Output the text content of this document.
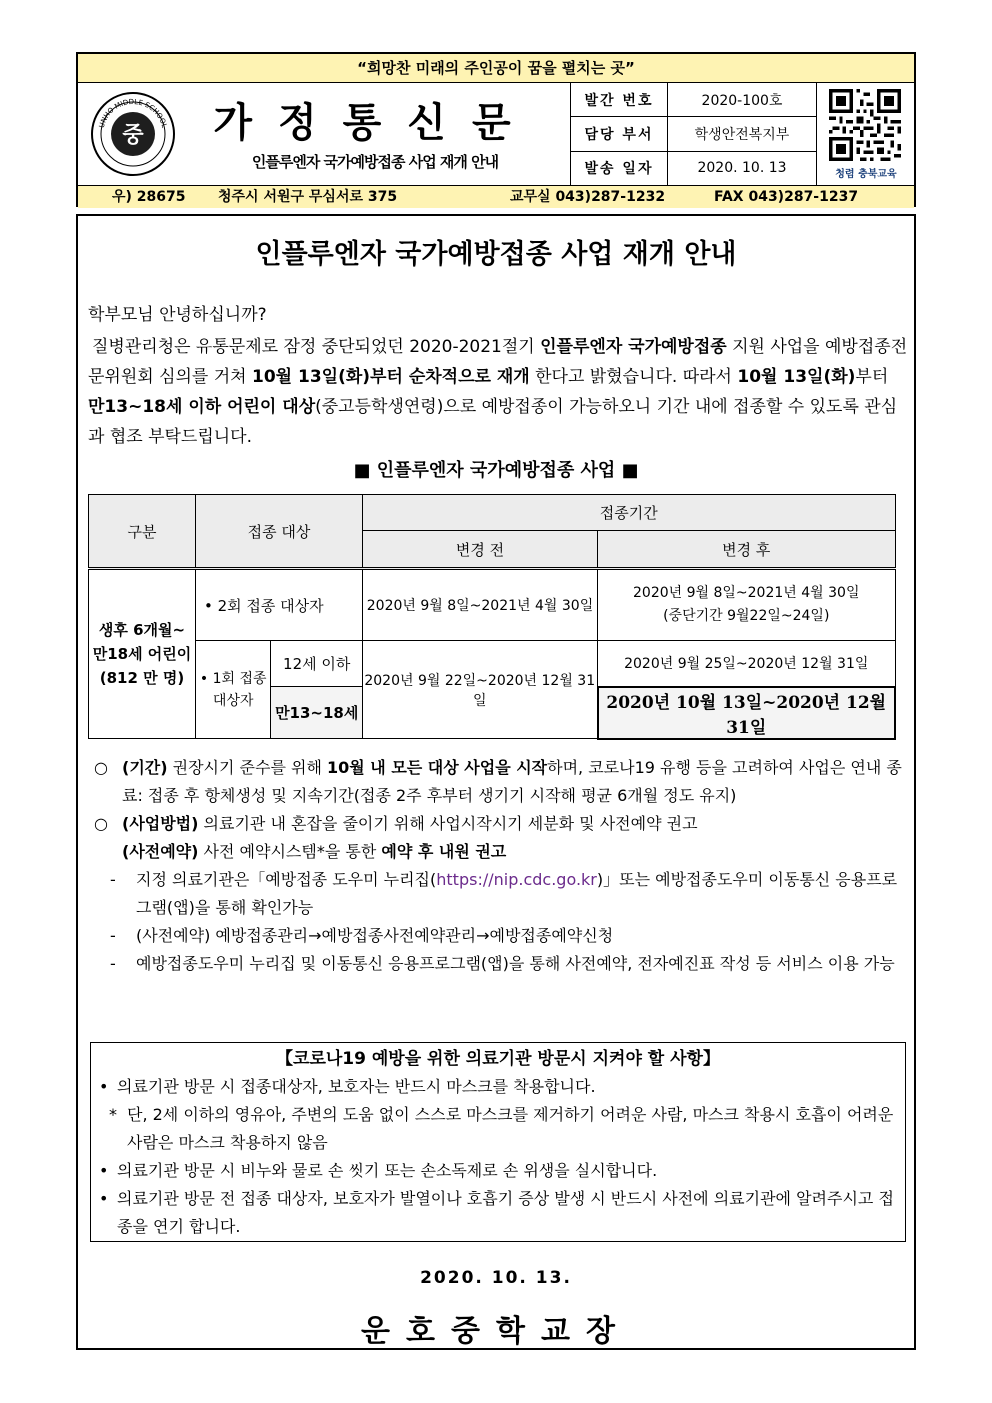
“희망찬 미래의 주인공이 꿈을 펼치는 곳”
중
UNHO MIDDLE SCHOOL	가정통신문
인플루엔자 국가예방접종 사업 재개 안내
발간 번호	2020-100호
담당 부서	학생안전복지부
발송 일자	2020. 10. 13	청렴 충북교육
우) 28675 청주시 서원구 무심서로 375	교무실 043)287-1232	FAX 043)287-1237
인플루엔자 국가예방접종 사업 재개 안내
학부모님 안녕하십니까?
질병관리청은 유통문제로 잠정 중단되었던 2020-2021절기 인플루엔자 국가예방접종 지원 사업을 예방접종전문위원회 심의를 거쳐 10월 13일(화)부터 순차적으로 재개 한다고 밝혔습니다. 따라서 10월 13일(화)부터 만13~18세 이하 어린이 대상(중고등학생연령)으로 예방접종이 가능하오니 기간 내에 접종할 수 있도록 관심과 협조 부탁드립니다.
■ 인플루엔자 국가예방접종 사업 ■
구분	접종 대상		접종기간	
			변경 전	변경 후
생후 6개월~
만18세 어린이
(812 만 명)	• 2회 접종 대상자		2020년 9월 8일~2021년 4월 30일	2020년 9월 8일~2021년 4월 30일
(중단기간 9월22일~24일)
	• 1회 접종
대상자	12세 이하	2020년 9월 22일~2020년 12월 31일	2020년 9월 25일~2020년 12월 31일
		만13~18세		2020년 10월 13일~2020년 12월 31일
○ (기간) 권장시기 준수를 위해 10월 내 모든 대상 사업을 시작하며, 코로나19 유행 등을 고려하여 사업은 연내 종료: 접종 후 항체생성 및 지속기간(접종 2주 후부터 생기기 시작해 평균 6개월 정도 유지)
○ (사업방법) 의료기관 내 혼잡을 줄이기 위해 사업시작시기 세분화 및 사전예약 권고
(사전예약) 사전 예약시스템*을 통한 예약 후 내원 권고
- 지정 의료기관은「예방접종 도우미 누리집(https://nip.cdc.go.kr)」또는 예방접종도우미 이동통신 응용프로그램(앱)을 통해 확인가능
- (사전예약) 예방접종관리→예방접종사전예약관리→예방접종예약신청
- 예방접종도우미 누리집 및 이동통신 응용프로그램(앱)을 통해 사전예약, 전자예진표 작성 등 서비스 이용 가능
【코로나19 예방을 위한 의료기관 방문시 지켜야 할 사항】
• 의료기관 방문 시 접종대상자, 보호자는 반드시 마스크를 착용합니다.
* 단, 2세 이하의 영유아, 주변의 도움 없이 스스로 마스크를 제거하기 어려운 사람, 마스크 착용시 호흡이 어려운 사람은 마스크 착용하지 않음
• 의료기관 방문 시 비누와 물로 손 씻기 또는 손소독제로 손 위생을 실시합니다.
• 의료기관 방문 전 접종 대상자, 보호자가 발열이나 호흡기 증상 발생 시 반드시 사전에 의료기관에 알려주시고 접종을 연기 합니다.
2020. 10. 13.
운호중학교장
